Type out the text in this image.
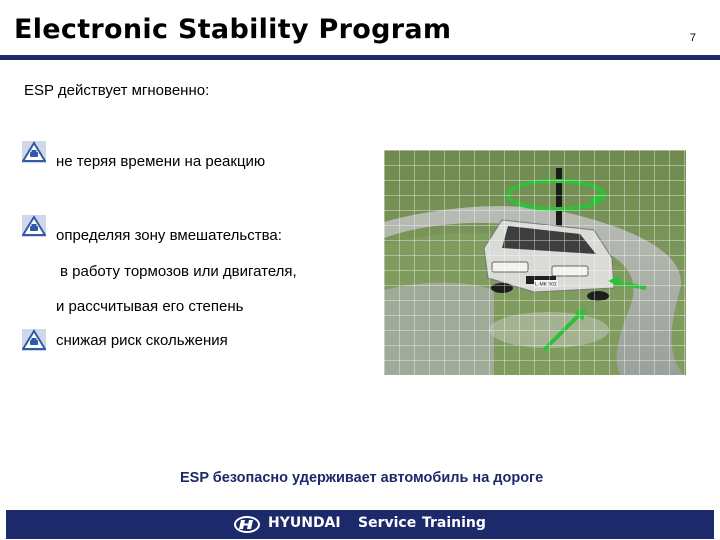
Electronic Stability Program	7
ESP действует мгновенно:
не теряя времени на реакцию
определяя зону вмешательства:
в работу тормозов или двигателя,
и рассчитывая его степень
снижая риск скольжения
ESP безопасно удерживает автомобиль на дороге
HYUNDAI Service Training
